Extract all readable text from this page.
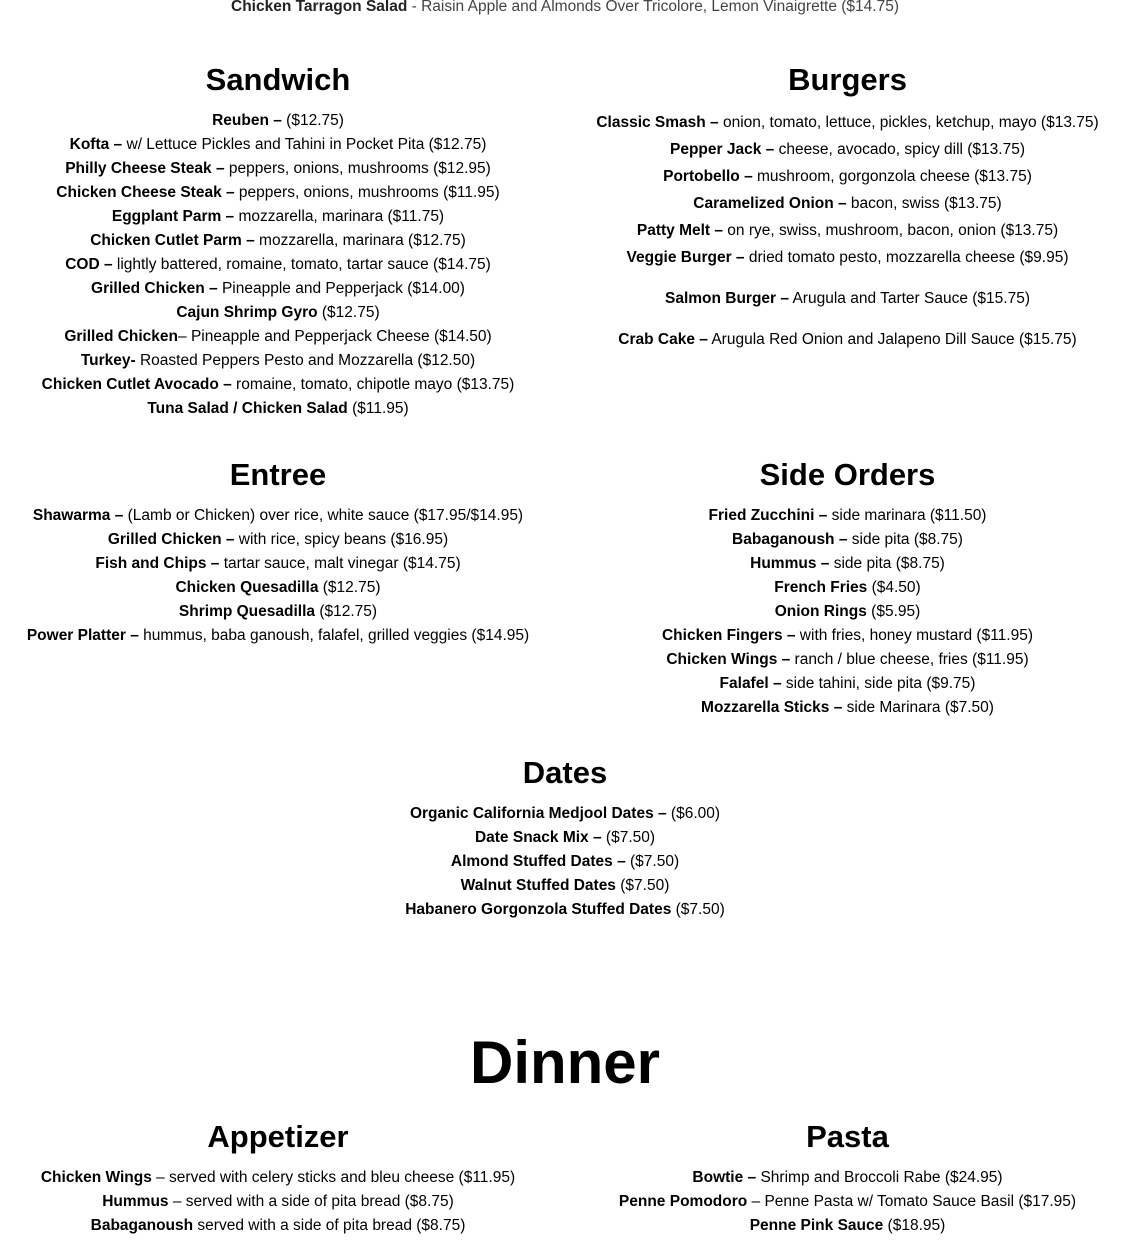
Chicken Tarragon Salad - Raisin Apple and Almonds Over Tricolore, Lemon Vinaigrette ($14.75)
Sandwich
Reuben – ($12.75)
Kofta – w/ Lettuce Pickles and Tahini in Pocket Pita ($12.75)
Philly Cheese Steak – peppers, onions, mushrooms ($12.95)
Chicken Cheese Steak – peppers, onions, mushrooms ($11.95)
Eggplant Parm – mozzarella, marinara ($11.75)
Chicken Cutlet Parm – mozzarella, marinara ($12.75)
COD – lightly battered, romaine, tomato, tartar sauce ($14.75)
Grilled Chicken – Pineapple and Pepperjack ($14.00)
Cajun Shrimp Gyro ($12.75)
Grilled Chicken– Pineapple and Pepperjack Cheese ($14.50)
Turkey- Roasted Peppers Pesto and Mozzarella ($12.50)
Chicken Cutlet Avocado – romaine, tomato, chipotle mayo ($13.75)
Tuna Salad / Chicken Salad ($11.95)
Burgers
Classic Smash – onion, tomato, lettuce, pickles, ketchup, mayo ($13.75)
Pepper Jack – cheese, avocado, spicy dill ($13.75)
Portobello – mushroom, gorgonzola cheese ($13.75)
Caramelized Onion – bacon, swiss ($13.75)
Patty Melt – on rye, swiss, mushroom, bacon, onion ($13.75)
Veggie Burger – dried tomato pesto, mozzarella cheese ($9.95)
Salmon Burger – Arugula and Tarter Sauce ($15.75)
Crab Cake – Arugula Red Onion and Jalapeno Dill Sauce ($15.75)
Entree
Shawarma – (Lamb or Chicken) over rice, white sauce ($17.95/$14.95)
Grilled Chicken – with rice, spicy beans ($16.95)
Fish and Chips – tartar sauce, malt vinegar ($14.75)
Chicken Quesadilla ($12.75)
Shrimp Quesadilla ($12.75)
Power Platter – hummus, baba ganoush, falafel, grilled veggies ($14.95)
Side Orders
Fried Zucchini – side marinara ($11.50)
Babaganoush – side pita ($8.75)
Hummus – side pita ($8.75)
French Fries ($4.50)
Onion Rings ($5.95)
Chicken Fingers – with fries, honey mustard ($11.95)
Chicken Wings – ranch / blue cheese, fries ($11.95)
Falafel – side tahini, side pita ($9.75)
Mozzarella Sticks – side Marinara ($7.50)
Dates
Organic California Medjool Dates – ($6.00)
Date Snack Mix – ($7.50)
Almond Stuffed Dates – ($7.50)
Walnut Stuffed Dates ($7.50)
Habanero Gorgonzola Stuffed Dates ($7.50)
Dinner
Appetizer
Chicken Wings – served with celery sticks and bleu cheese ($11.95)
Hummus – served with a side of pita bread ($8.75)
Babaganoush served with a side of pita bread ($8.75)
Pasta
Bowtie – Shrimp and Broccoli Rabe ($24.95)
Penne Pomodoro – Penne Pasta w/ Tomato Sauce Basil ($17.95)
Penne Pink Sauce ($18.95)
